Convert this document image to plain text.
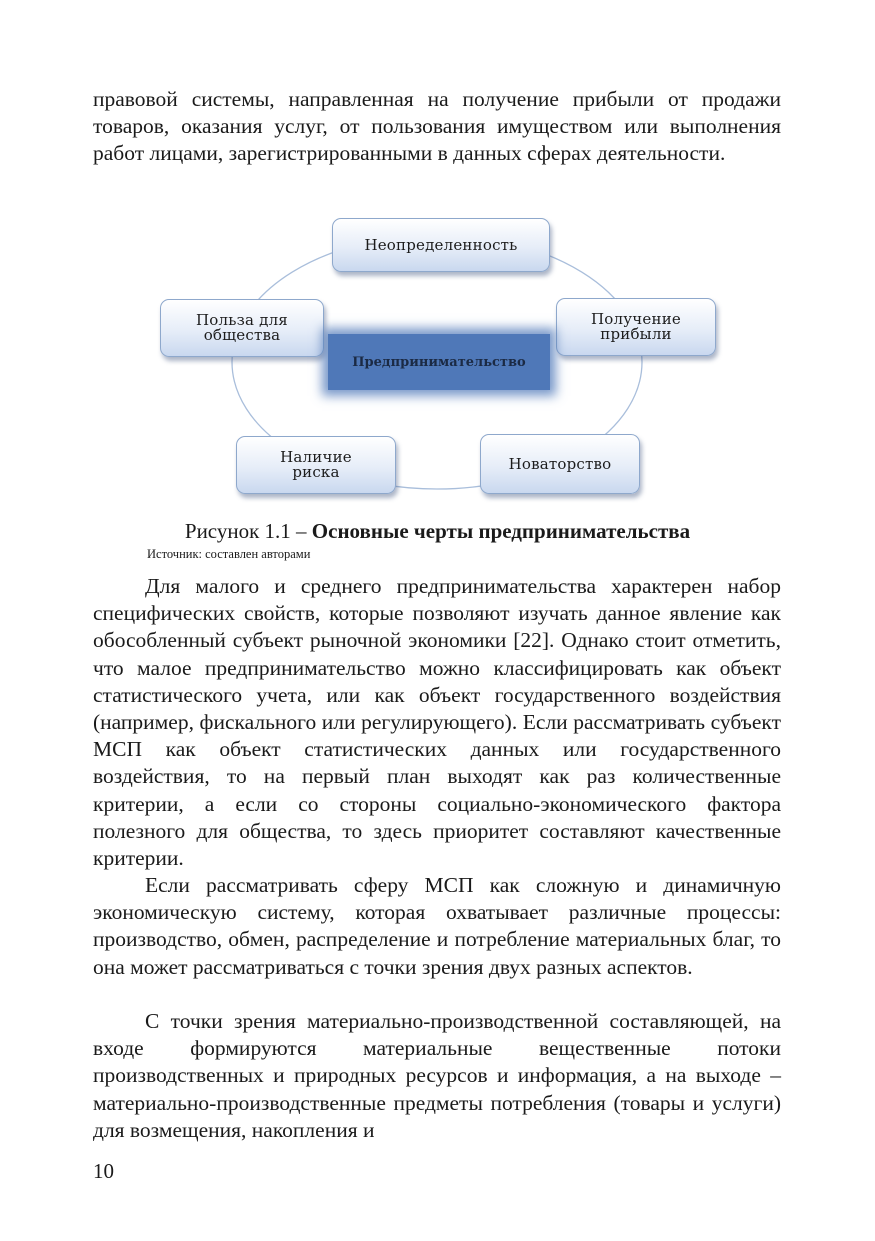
правовой системы, направленная на получение прибыли от продажи товаров, оказания услуг, от пользования имуществом или выполнения работ лицами, зарегистрированными в данных сферах деятельности.

Неопределенность
Получение прибыли
Новаторство
Наличие риска
Польза для общества
Предпринимательство

Рисунок 1.1 – Основные черты предпринимательства

Источник: составлен авторами

Для малого и среднего предпринимательства характерен набор специфических свойств, которые позволяют изучать данное явление как обособленный субъект рыночной экономики [22]. Однако стоит отметить, что малое предпринимательство можно классифицировать как объект статистического учета, или как объект государственного воздействия (например, фискального или регулирующего). Если рассматривать субъект МСП как объект статистических данных или государственного воздействия, то на первый план выходят как раз количественные критерии, а если со стороны социально-экономического фактора полезного для общества, то здесь приоритет составляют качественные критерии.

Если рассматривать сферу МСП как сложную и динамичную экономическую систему, которая охватывает различные процессы: производство, обмен, распределение и потребление материальных благ, то она может рассматриваться с точки зрения двух разных аспектов.

С точки зрения материально-производственной составляющей, на входе формируются материальные вещественные потоки производственных и природных ресурсов и информация, а на выходе – материально-производственные предметы потребления (товары и услуги) для возмещения, накопления и

10
